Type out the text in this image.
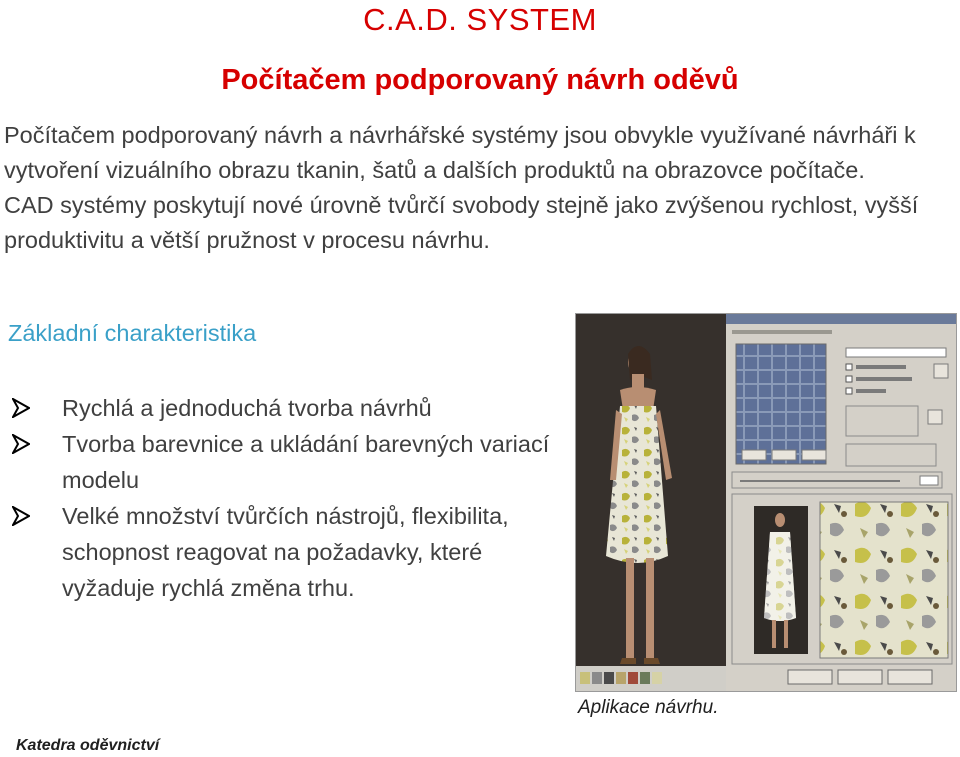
C.A.D. SYSTEM
Počítačem podporovaný návrh oděvů

Počítačem podporovaný návrh a návrhářské systémy jsou obvykle využívané návrháři k vytvoření vizuálního obrazu tkanin, šatů a dalších produktů na obrazovce počítače.

CAD systémy poskytují nové úrovně tvůrčí svobody stejně jako zvýšenou rychlost, vyšší produktivitu a větší pružnost v procesu návrhu.

Základní charakteristika
Rychlá a jednoduchá tvorba návrhů
Tvorba barevnice a ukládání barevných variací modelu
Velké množství tvůrčích nástrojů, flexibilita, schopnost reagovat na požadavky, které vyžaduje rychlá změna trhu.
Aplikace návrhu.
Katedra oděvnictví
